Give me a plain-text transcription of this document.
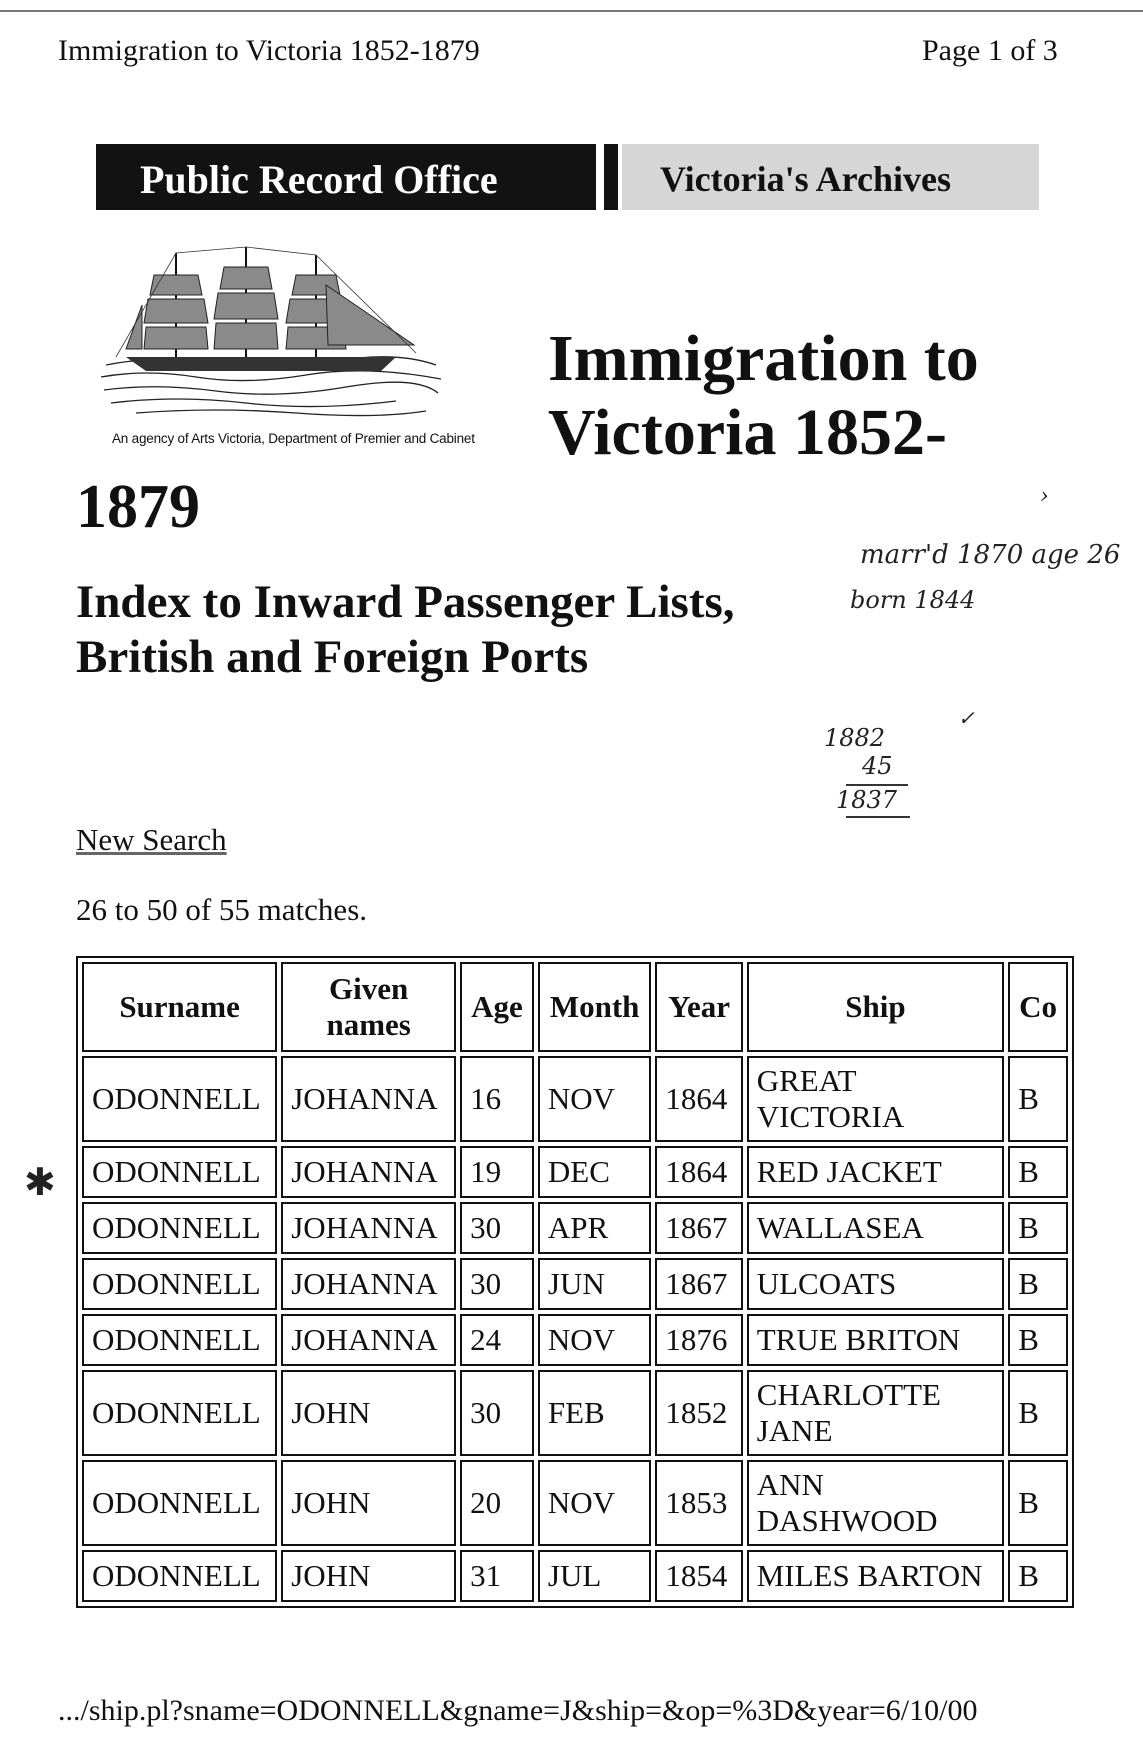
Immigration to Victoria 1852-1879	Page 1 of 3
Public Record Office	Victoria's Archives
An agency of Arts Victoria, Department of Premier and Cabinet
Immigration to
Victoria 1852-
1879
Index to Inward Passenger Lists,
British and Foreign Ports
marr'd 1870 age 26
born 1844
›
✓
1882
45
1837
New Search
26 to 50 of 55 matches.
✱
Surname	Given names	Age	Month	Year	Ship	Co
ODONNELL	JOHANNA	16	NOV	1864	GREAT VICTORIA	B
ODONNELL	JOHANNA	19	DEC	1864	RED JACKET	B
ODONNELL	JOHANNA	30	APR	1867	WALLASEA	B
ODONNELL	JOHANNA	30	JUN	1867	ULCOATS	B
ODONNELL	JOHANNA	24	NOV	1876	TRUE BRITON	B
ODONNELL	JOHN	30	FEB	1852	CHARLOTTE JANE	B
ODONNELL	JOHN	20	NOV	1853	ANN DASHWOOD	B
ODONNELL	JOHN	31	JUL	1854	MILES BARTON	B
.../ship.pl?sname=ODONNELL&gname=J&ship=&op=%3D&year=6/10/00
